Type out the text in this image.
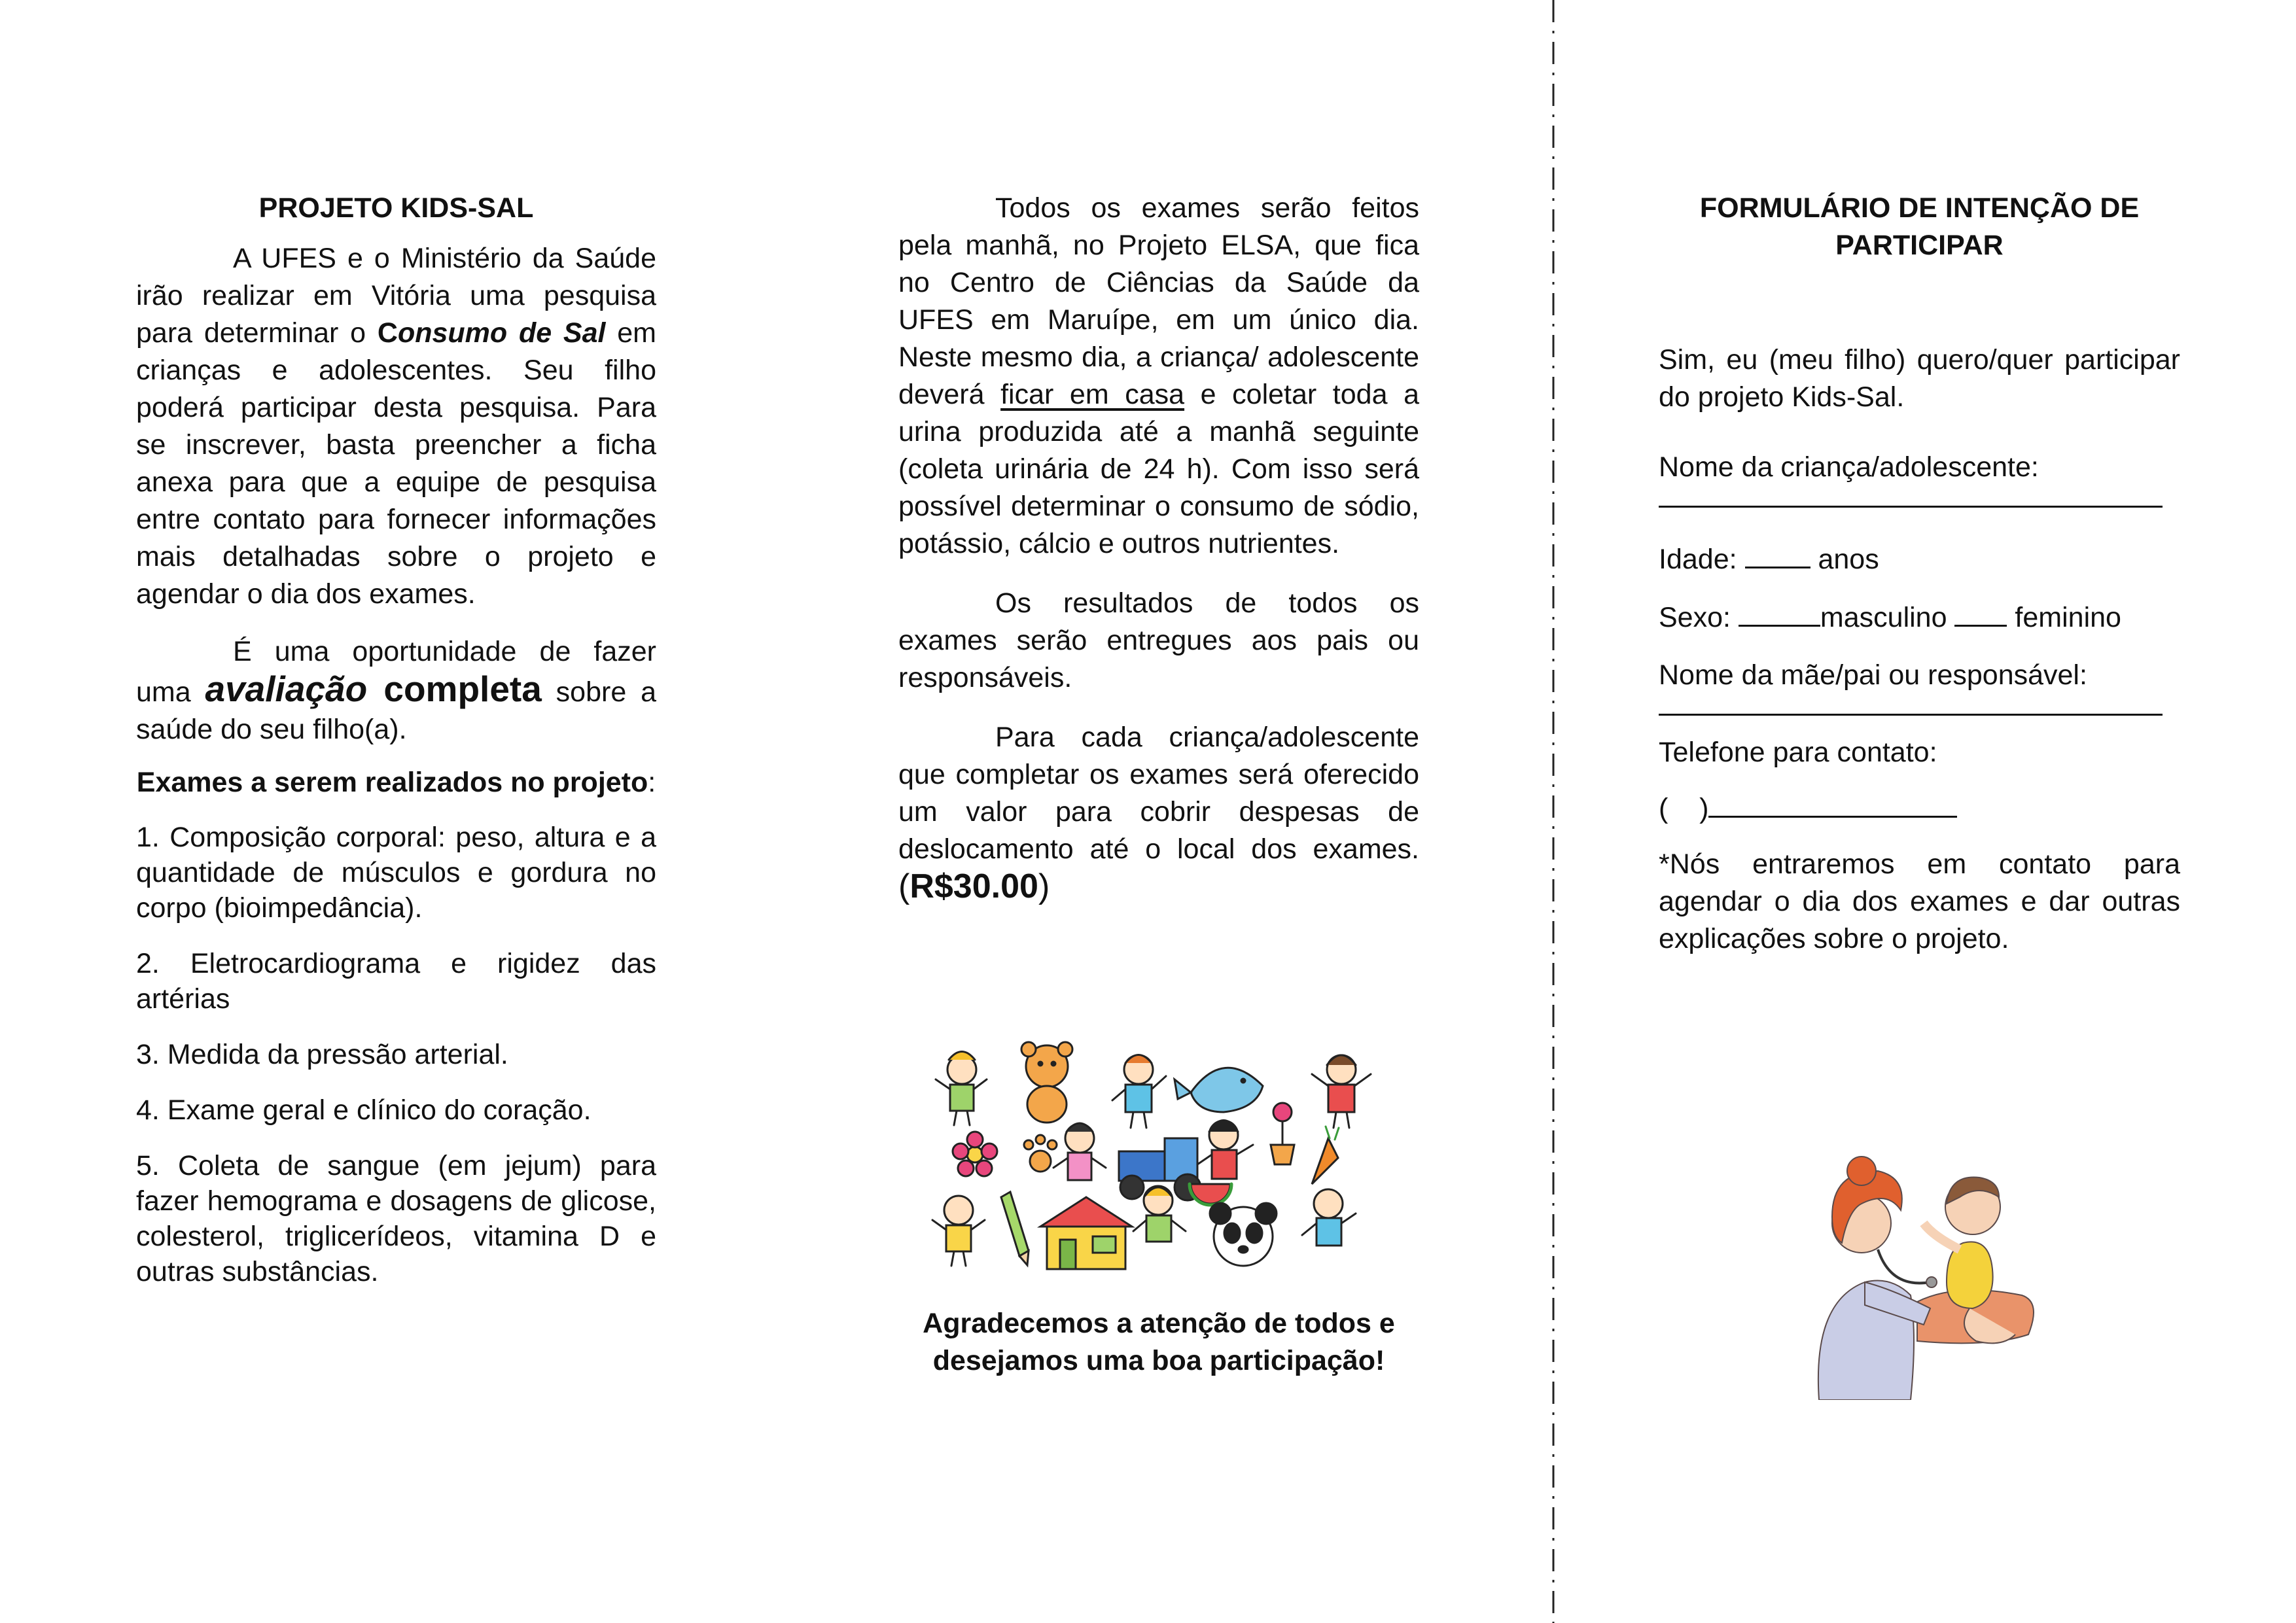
PROJETO KIDS-SAL

A UFES e o Ministério da Saúde irão realizar em Vitória uma pesquisa para determinar o Consumo de Sal em crianças e adolescentes. Seu filho poderá participar desta pesquisa. Para se inscrever, basta preencher a ficha anexa para que a equipe de pesquisa entre contato para fornecer informações mais detalhadas sobre o projeto e agendar o dia dos exames.

É uma oportunidade de fazer uma avaliação completa sobre a saúde do seu filho(a).

Exames a serem realizados no projeto:

1. Composição corporal: peso, altura e a quantidade de músculos e gordura no corpo (bioimpedância).

2. Eletrocardiograma e rigidez das artérias

3. Medida da pressão arterial.

4. Exame geral e clínico do coração.

5. Coleta de sangue (em jejum) para fazer hemograma e dosagens de glicose, colesterol, triglicerídeos, vitamina D e outras substâncias.

Todos os exames serão feitos pela manhã, no Projeto ELSA, que fica no Centro de Ciências da Saúde da UFES em Maruípe, em um único dia. Neste mesmo dia, a criança/ adolescente deverá ficar em casa e coletar toda a urina produzida até a manhã seguinte (coleta urinária de 24 h). Com isso será possível determinar o consumo de sódio, potássio, cálcio e outros nutrientes.

Os resultados de todos os exames serão entregues aos pais ou responsáveis.

Para cada criança/adolescente que completar os exames será oferecido um valor para cobrir despesas de deslocamento até o local dos exames. (R$30.00)

Agradecemos a atenção de todos e desejamos uma boa participação!
FORMULÁRIO DE INTENÇÃO DE PARTICIPAR

Sim, eu (meu filho) quero/quer participar do projeto Kids-Sal.

Nome da criança/adolescente:

Idade:	anos

Sexo:	masculino feminino

Nome da mãe/pai ou responsável:

Telefone para contato:

(    )

*Nós entraremos em contato para agendar o dia dos exames e dar outras explicações sobre o projeto.
